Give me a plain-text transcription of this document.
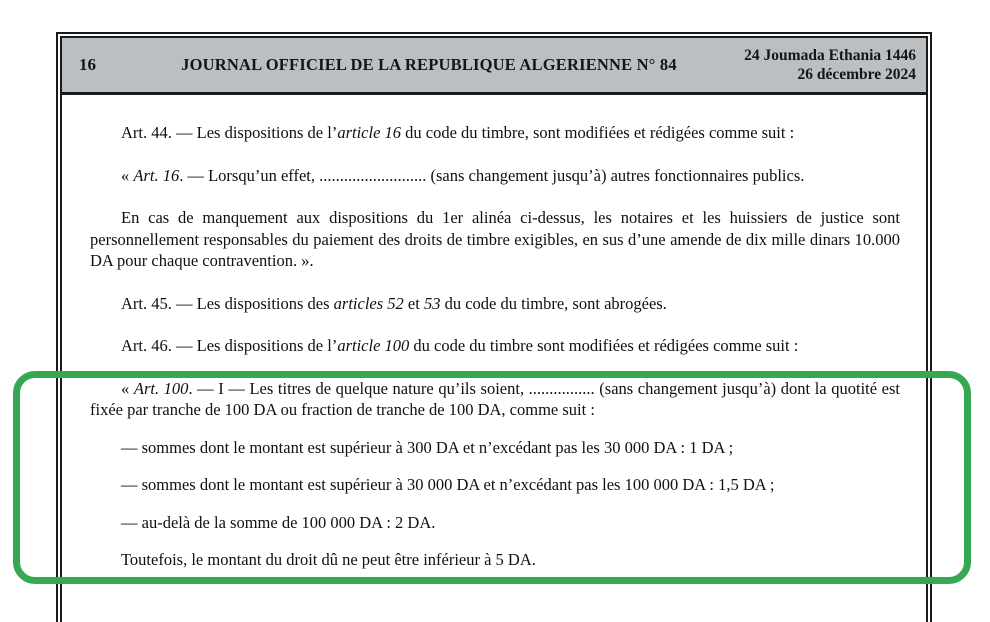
16	JOURNAL OFFICIEL DE LA REPUBLIQUE ALGERIENNE N° 84	24 Joumada Ethania 1446
26 décembre 2024

Art. 44. — Les dispositions de l’article 16 du code du timbre, sont modifiées et rédigées comme suit :

« Art. 16. — Lorsqu’un effet, .......................... (sans changement jusqu’à) autres fonctionnaires publics.

En cas de manquement aux dispositions du 1er alinéa ci-dessus, les notaires et les huissiers de justice sont personnellement responsables du paiement des droits de timbre exigibles, en sus d’une amende de dix mille dinars 10.000 DA pour chaque contravention. ».

Art. 45. — Les dispositions des articles 52 et 53 du code du timbre, sont abrogées.

Art. 46. — Les dispositions de l’article 100 du code du timbre sont modifiées et rédigées comme suit :

« Art. 100. — I — Les titres de quelque nature qu’ils soient, ................ (sans changement jusqu’à) dont la quotité est fixée par tranche de 100 DA ou fraction de tranche de 100 DA, comme suit :

— sommes dont le montant est supérieur à 300 DA et n’excédant pas les 30 000 DA : 1 DA ;

— sommes dont le montant est supérieur à 30 000 DA et n’excédant pas les 100 000 DA : 1,5 DA ;

— au-delà de la somme de 100 000 DA : 2 DA.

Toutefois, le montant du droit dû ne peut être inférieur à 5 DA.
